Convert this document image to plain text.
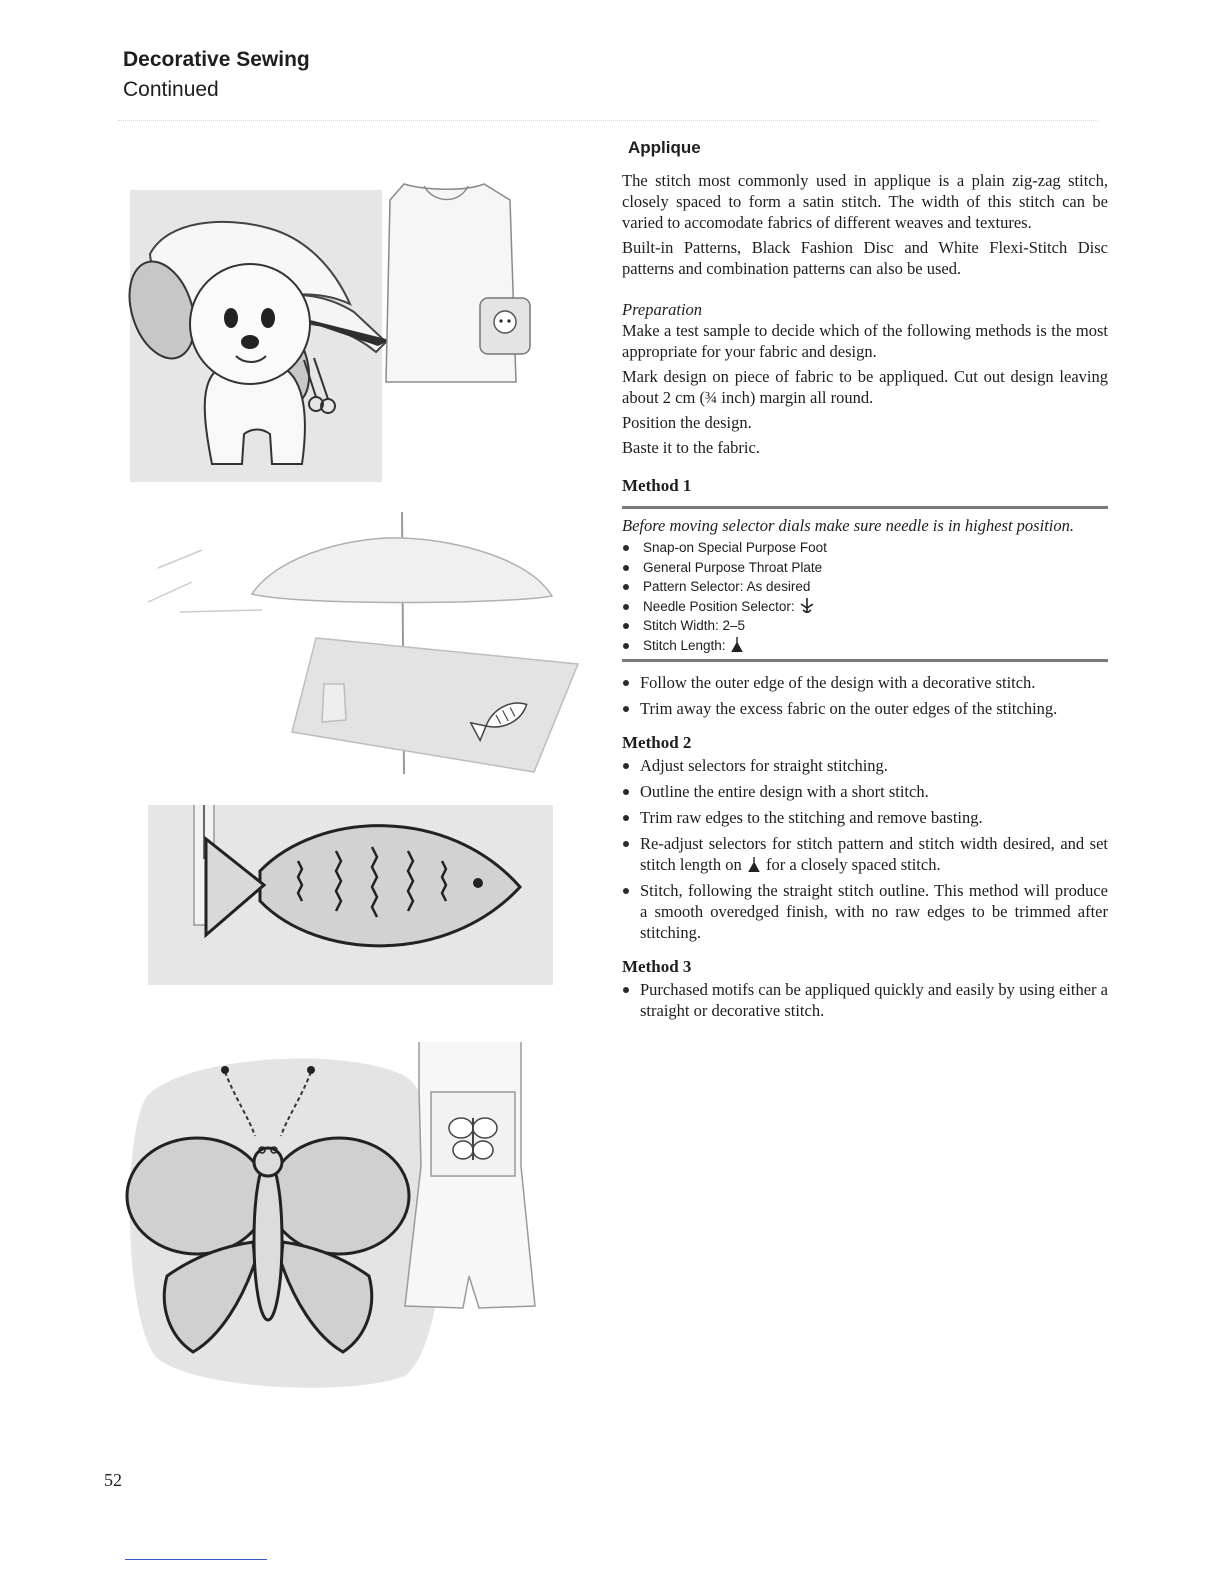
Decorative Sewing
Continued
Applique

The stitch most commonly used in applique is a plain zig-zag stitch, closely spaced to form a satin stitch. The width of this stitch can be varied to accomodate fabrics of different weaves and textures.

Built-in Patterns, Black Fashion Disc and White Flexi-Stitch Disc patterns and combination patterns can also be used.

Preparation

Make a test sample to decide which of the following methods is the most appropriate for your fabric and design.

Mark design on piece of fabric to be appliqued. Cut out design leaving about 2 cm (¾ inch) margin all round.

Position the design.

Baste it to the fabric.

Method 1

Before moving selector dials make sure needle is in highest position.

Snap-on Special Purpose Foot
General Purpose Throat Plate
Pattern Selector: As desired
Needle Position Selector:
Stitch Width: 2–5
Stitch Length:
Follow the outer edge of the design with a decorative stitch.
Trim away the excess fabric on the outer edges of the stitching.
Method 2
Adjust selectors for straight stitching.
Outline the entire design with a short stitch.
Trim raw edges to the stitching and remove basting.
Re-adjust selectors for stitch pattern and stitch width desired, and set stitch length on for a closely spaced stitch.
Stitch, following the straight stitch outline. This method will produce a smooth overedged finish, with no raw edges to be trimmed after stitching.
Method 3
Purchased motifs can be appliqued quickly and easily by using either a straight or decorative stitch.
52
